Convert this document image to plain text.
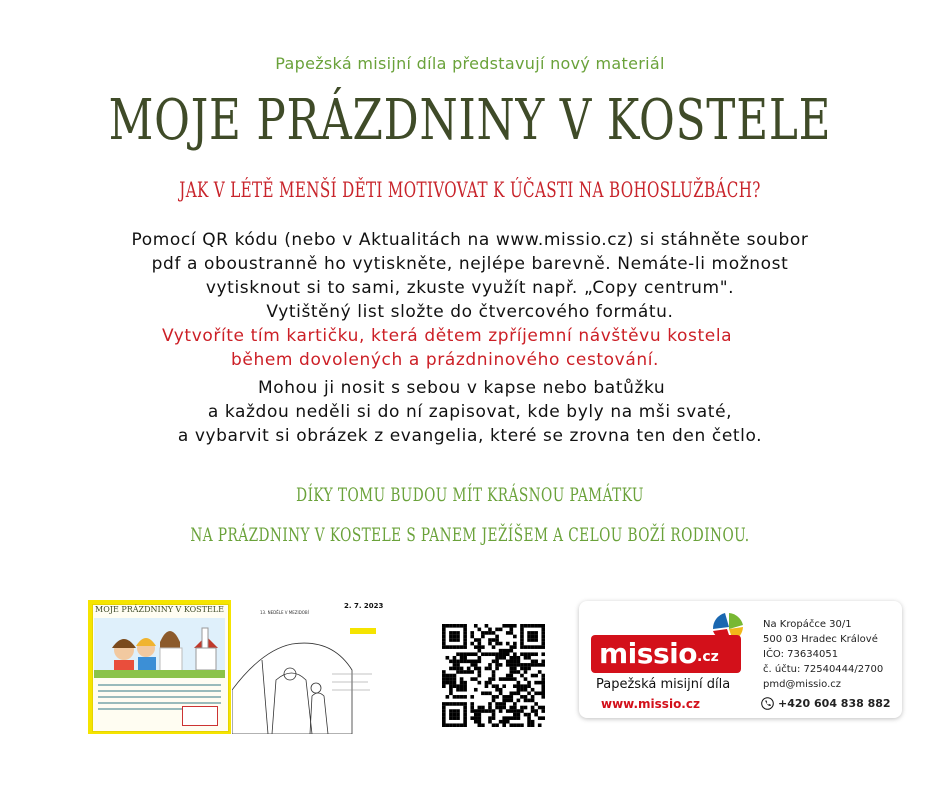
Papežská misijní díla představují nový materiál
MOJE PRÁZDNINY V KOSTELE
JAK V LÉTĚ MENŠÍ DĚTI MOTIVOVAT K ÚČASTI NA BOHOSLUŽBÁCH?
Pomocí QR kódu (nebo v Aktualitách na www.missio.cz) si stáhněte soubor
pdf a oboustranně ho vytiskněte, nejlépe barevně. Nemáte-li možnost
vytisknout si to sami, zkuste využít např. „Copy centrum".
Vytištěný list složte do čtvercového formátu.
Vytvoříte tím kartičku, která dětem zpříjemní návštěvu kostela
během dovolených a prázdninového cestování.
Mohou ji nosit s sebou v kapse nebo batůžku
a každou neděli si do ní zapisovat, kde byly na mši svaté,
a vybarvit si obrázek z evangelia, které se zrovna ten den četlo.
DÍKY TOMU BUDOU MÍT KRÁSNOU PAMÁTKU
NA PRÁZDNINY V KOSTELE S PANEM JEŽÍŠEM A CELOU BOŽÍ RODINOU.
MOJE PRÁZDNINY V KOSTELE	2. 7. 2023
13. NEDĚLE V MEZIDOBÍ
missio .cz
Papežská misijní díla
www.missio.cz
Na Kropáčce 30/1
500 03 Hradec Králové
IČO: 73634051
č. účtu: 72540444/2700
pmd@missio.cz
+420 604 838 882
